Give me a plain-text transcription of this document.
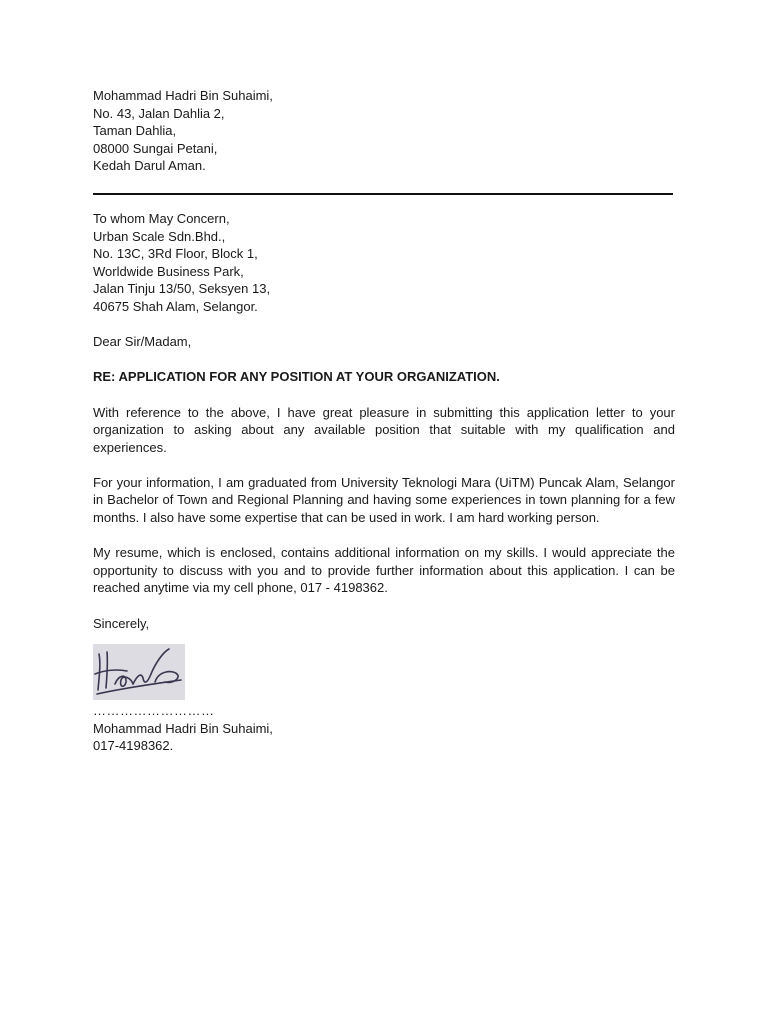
Mohammad Hadri Bin Suhaimi,
No. 43, Jalan Dahlia 2,
Taman Dahlia,
08000 Sungai Petani,
Kedah Darul Aman.
To whom May Concern,
Urban Scale Sdn.Bhd.,
No. 13C, 3Rd Floor, Block 1,
Worldwide Business Park,
Jalan Tinju 13/50, Seksyen 13,
40675 Shah Alam, Selangor.
Dear Sir/Madam,
RE: APPLICATION FOR ANY POSITION AT YOUR ORGANIZATION.

With reference to the above, I have great pleasure in submitting this application letter to your organization to asking about any available position that suitable with my qualification and experiences.

For your information, I am graduated from University Teknologi Mara (UiTM) Puncak Alam, Selangor in Bachelor of Town and Regional Planning and having some experiences in town planning for a few months. I also have some expertise that can be used in work. I am hard working person.

My resume, which is enclosed, contains additional information on my skills. I would appreciate the opportunity to discuss with you and to provide further information about this application. I can be reached anytime via my cell phone, 017 - 4198362.

Sincerely,
………………………
Mohammad Hadri Bin Suhaimi,
017-4198362.
